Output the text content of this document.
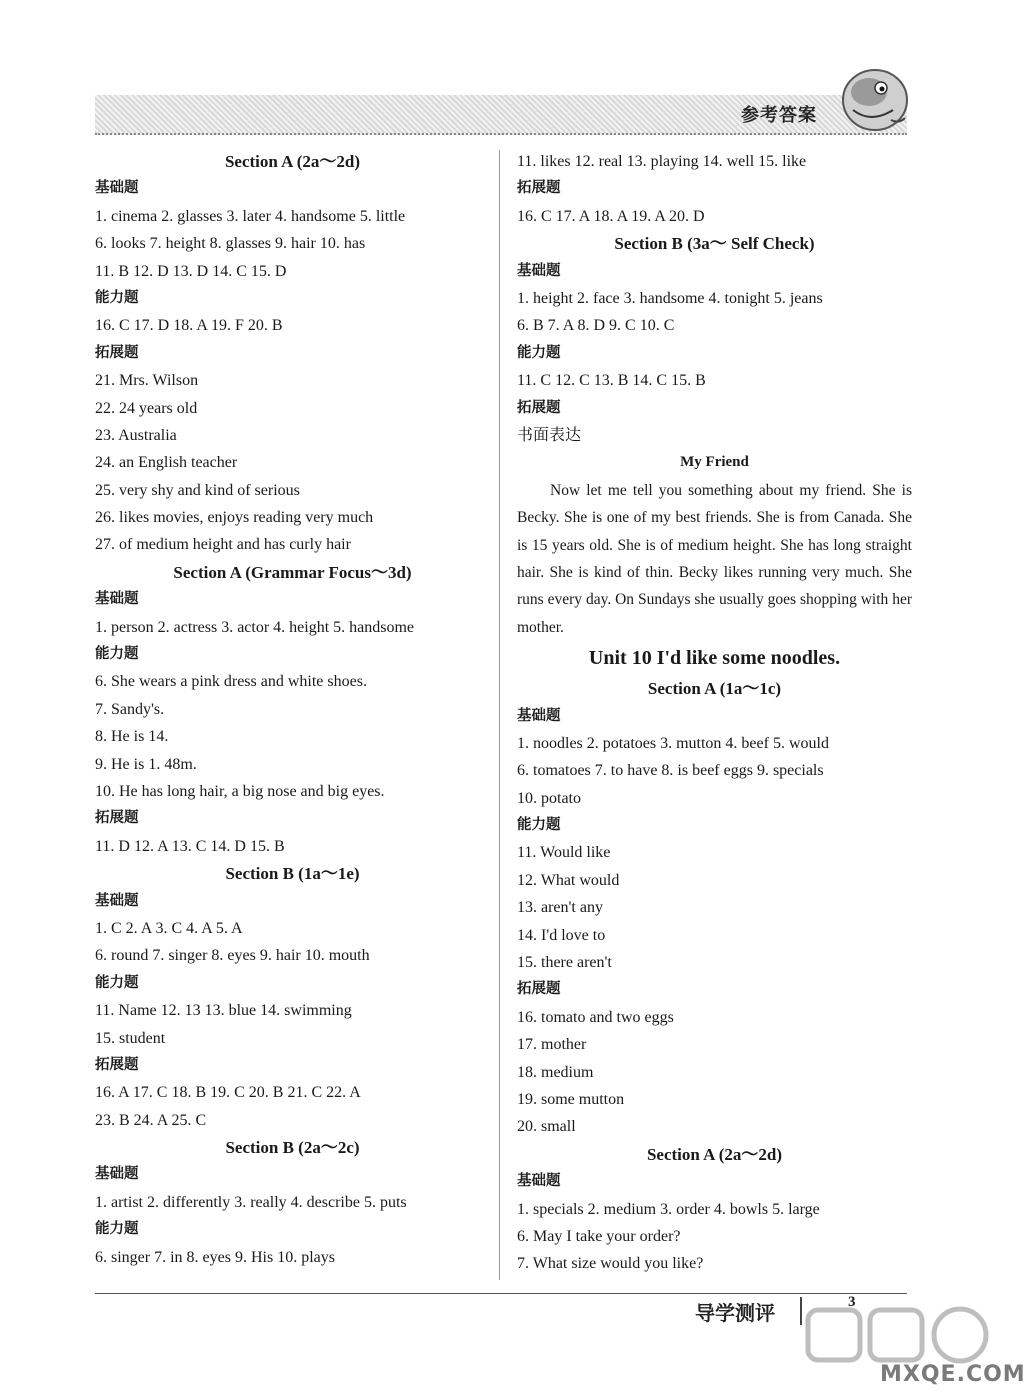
参考答案
Section A (2a～2d)
基础题
1. cinema 2. glasses 3. later 4. handsome 5. little
6. looks 7. height 8. glasses 9. hair 10. has
11. B 12. D 13. D 14. C 15. D
能力题
16. C 17. D 18. A 19. F 20. B
拓展题
21. Mrs. Wilson
22. 24 years old
23. Australia
24. an English teacher
25. very shy and kind of serious
26. likes movies, enjoys reading very much
27. of medium height and has curly hair
Section A (Grammar Focus～3d)
基础题
1. person 2. actress 3. actor 4. height 5. handsome
能力题
6. She wears a pink dress and white shoes.
7. Sandy's.
8. He is 14.
9. He is 1. 48m.
10. He has long hair, a big nose and big eyes.
拓展题
11. D 12. A 13. C 14. D 15. B
Section B (1a～1e)
基础题
1. C 2. A 3. C 4. A 5. A
6. round 7. singer 8. eyes 9. hair 10. mouth
能力题
11. Name 12. 13 13. blue 14. swimming
15. student
拓展题
16. A 17. C 18. B 19. C 20. B 21. C 22. A
23. B 24. A 25. C
Section B (2a～2c)
基础题
1. artist 2. differently 3. really 4. describe 5. puts
能力题
6. singer 7. in 8. eyes 9. His 10. plays
11. likes 12. real 13. playing 14. well 15. like
拓展题
16. C 17. A 18. A 19. A 20. D
Section B (3a～ Self Check)
基础题
1. height 2. face 3. handsome 4. tonight 5. jeans
6. B 7. A 8. D 9. C 10. C
能力题
11. C 12. C 13. B 14. C 15. B
拓展题
书面表达
My Friend
Now let me tell you something about my friend. She is Becky. She is one of my best friends. She is from Canada. She is 15 years old. She is of medium height. She has long straight hair. She is kind of thin. Becky likes running very much. She runs every day. On Sundays she usually goes shopping with her mother.
Unit 10 I'd like some noodles.
Section A (1a～1c)
基础题
1. noodles 2. potatoes 3. mutton 4. beef 5. would
6. tomatoes 7. to have 8. is beef eggs 9. specials
10. potato
能力题
11. Would like
12. What would
13. aren't any
14. I'd love to
15. there aren't
拓展题
16. tomato and two eggs
17. mother
18. medium
19. some mutton
20. small
Section A (2a～2d)
基础题
1. specials 2. medium 3. order 4. bowls 5. large
6. May I take your order?
7. What size would you like?
导学测评	3
MXQE.COM
